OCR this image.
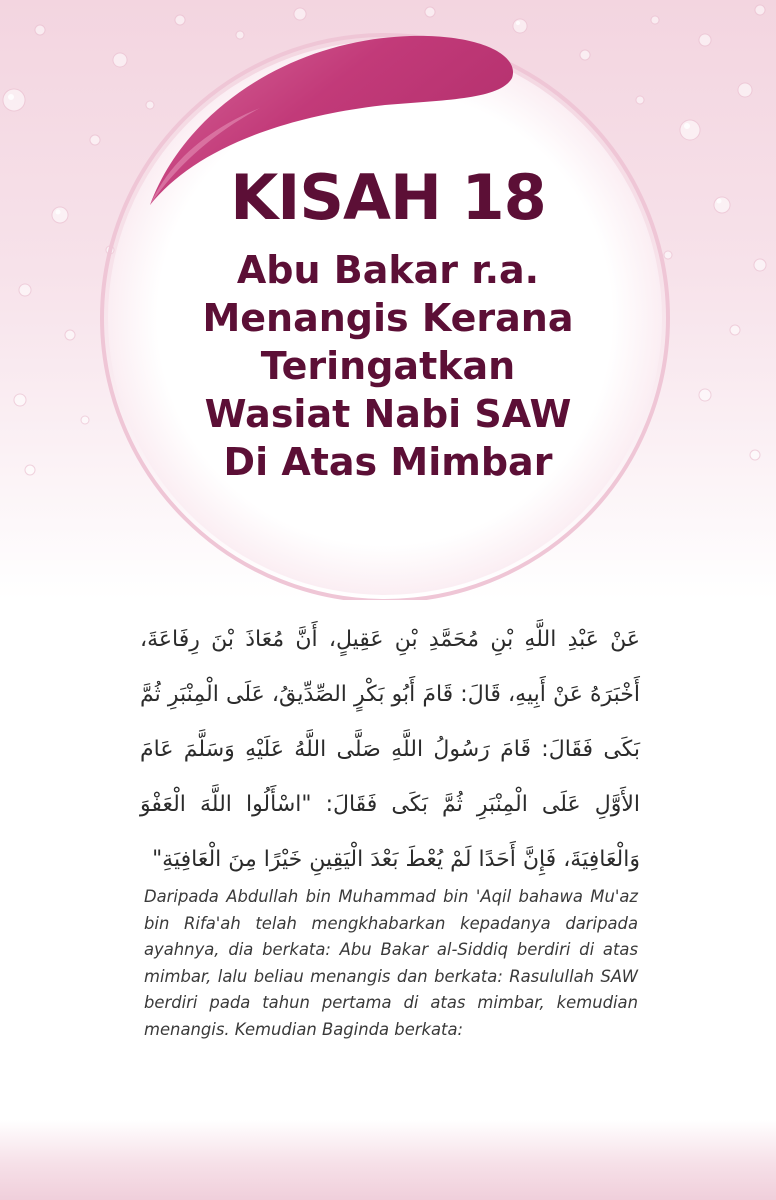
KISAH 18
Abu Bakar r.a.
Menangis Kerana
Teringatkan
Wasiat Nabi SAW
Di Atas Mimbar
عَنْ عَبْدِ اللَّهِ بْنِ مُحَمَّدِ بْنِ عَقِيلٍ، أَنَّ مُعَاذَ بْنَ رِفَاعَةَ، أَخْبَرَهُ عَنْ أَبِيهِ، قَالَ: قَامَ أَبُو بَكْرٍ الصِّدِّيقُ، عَلَى الْمِنْبَرِ ثُمَّ بَكَى فَقَالَ: قَامَ رَسُولُ اللَّهِ صَلَّى اللَّهُ عَلَيْهِ وَسَلَّمَ عَامَ الأَوَّلِ عَلَى الْمِنْبَرِ ثُمَّ بَكَى فَقَالَ: "اسْأَلُوا اللَّهَ الْعَفْوَ وَالْعَافِيَةَ، فَإِنَّ أَحَدًا لَمْ يُعْطَ بَعْدَ الْيَقِينِ خَيْرًا مِنَ الْعَافِيَةِ"
Daripada Abdullah bin Muhammad bin 'Aqil bahawa Mu'az bin Rifa'ah telah mengkhabarkan kepadanya daripada ayahnya, dia berkata: Abu Bakar al-Siddiq berdiri di atas mimbar, lalu beliau menangis dan berkata: Rasulullah SAW berdiri pada tahun pertama di atas mimbar, kemudian menangis. Kemudian Baginda berkata:
